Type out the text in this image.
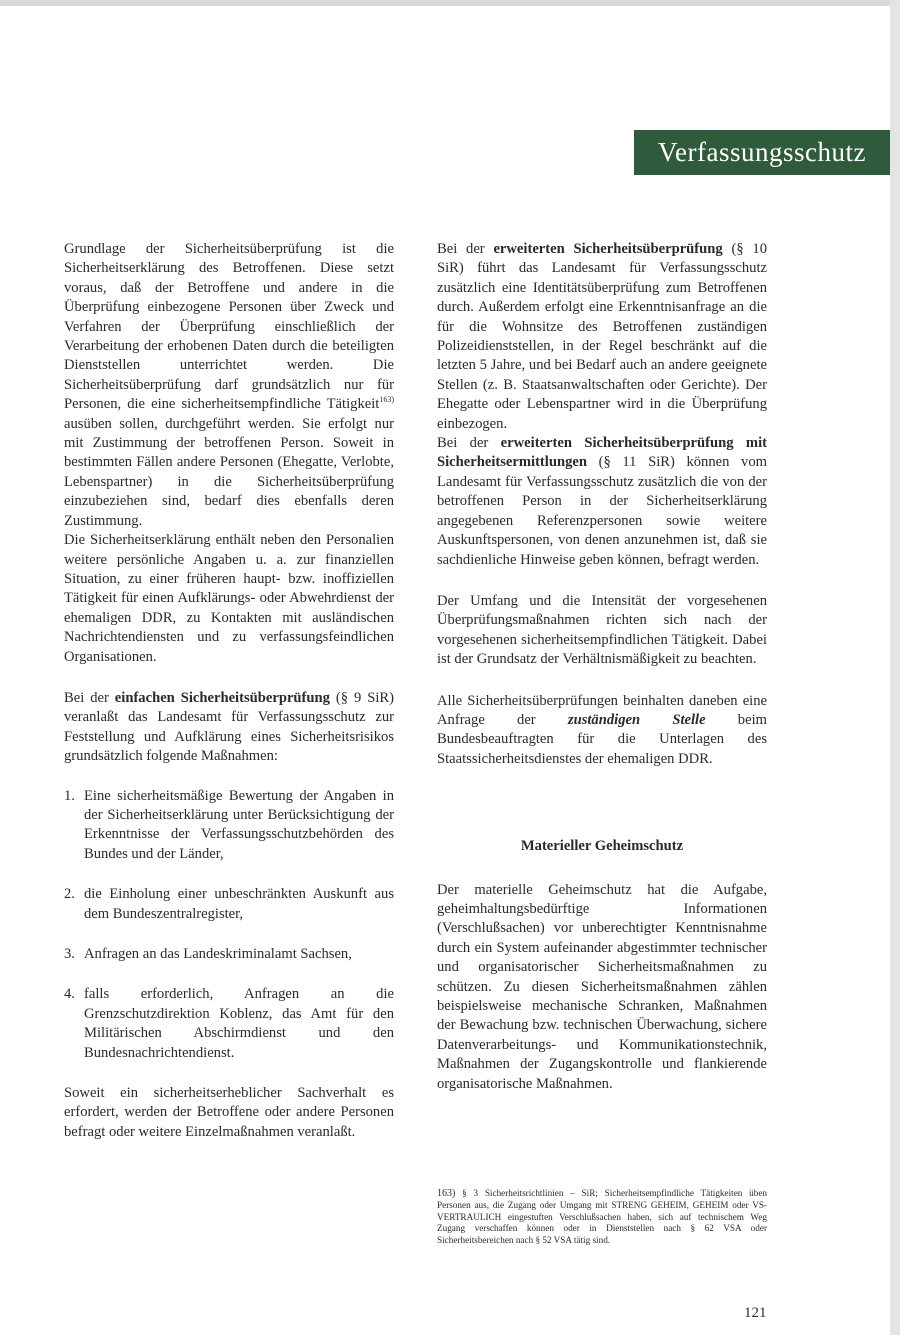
Verfassungsschutz

Grundlage der Sicherheitsüberprüfung ist die Sicherheitserklärung des Betroffenen. Diese setzt voraus, daß der Betroffene und andere in die Überprüfung einbezogene Personen über Zweck und Verfahren der Überprüfung einschließlich der Verarbeitung der erhobenen Daten durch die beteiligten Dienststellen unterrichtet werden. Die Sicherheitsüberprüfung darf grundsätzlich nur für Personen, die eine sicherheitsempfindliche Tätigkeit$^{163)}$ ausüben sollen, durchgeführt werden. Sie erfolgt nur mit Zustimmung der betroffenen Person. Soweit in bestimmten Fällen andere Personen (Ehegatte, Verlobte, Lebenspartner) in die Sicherheitsüberprüfung einzubeziehen sind, bedarf dies ebenfalls deren Zustimmung.

Die Sicherheitserklärung enthält neben den Personalien weitere persönliche Angaben u. a. zur finanziellen Situation, zu einer früheren haupt- bzw. inoffiziellen Tätigkeit für einen Aufklärungs- oder Abwehrdienst der ehemaligen DDR, zu Kontakten mit ausländischen Nachrichtendiensten und zu verfassungsfeindlichen Organisationen.

Bei der einfachen Sicherheitsüberprüfung (§ 9 SiR) veranlaßt das Landesamt für Verfassungsschutz zur Feststellung und Aufklärung eines Sicherheitsrisikos grundsätzlich folgende Maßnahmen:

1. Eine sicherheitsmäßige Bewertung der Angaben in der Sicherheitserklärung unter Berücksichtigung der Erkenntnisse der Verfassungsschutzbehörden des Bundes und der Länder,
2. die Einholung einer unbeschränkten Auskunft aus dem Bundeszentralregister,
3. Anfragen an das Landeskriminalamt Sachsen,
4. falls erforderlich, Anfragen an die Grenzschutzdirektion Koblenz, das Amt für den Militärischen Abschirmdienst und den Bundesnachrichtendienst.

Soweit ein sicherheitserheblicher Sachverhalt es erfordert, werden der Betroffene oder andere Personen befragt oder weitere Einzelmaßnahmen veranlaßt.

Bei der erweiterten Sicherheitsüberprüfung (§ 10 SiR) führt das Landesamt für Verfassungsschutz zusätzlich eine Identitätsüberprüfung zum Betroffenen durch. Außerdem erfolgt eine Erkenntnisanfrage an die für die Wohnsitze des Betroffenen zuständigen Polizeidienststellen, in der Regel beschränkt auf die letzten 5 Jahre, und bei Bedarf auch an andere geeignete Stellen (z. B. Staatsanwaltschaften oder Gerichte). Der Ehegatte oder Lebenspartner wird in die Überprüfung einbezogen.

Bei der erweiterten Sicherheitsüberprüfung mit Sicherheitsermittlungen (§ 11 SiR) können vom Landesamt für Verfassungsschutz zusätzlich die von der betroffenen Person in der Sicherheitserklärung angegebenen Referenzpersonen sowie weitere Auskunftspersonen, von denen anzunehmen ist, daß sie sachdienliche Hinweise geben können, befragt werden.

Der Umfang und die Intensität der vorgesehenen Überprüfungsmaßnahmen richten sich nach der vorgesehenen sicherheitsempfindlichen Tätigkeit. Dabei ist der Grundsatz der Verhältnismäßigkeit zu beachten.

Alle Sicherheitsüberprüfungen beinhalten daneben eine Anfrage der zuständigen Stelle beim Bundesbeauftragten für die Unterlagen des Staatssicherheitsdienstes der ehemaligen DDR.

Materieller Geheimschutz

Der materielle Geheimschutz hat die Aufgabe, geheimhaltungsbedürftige Informationen (Verschlußsachen) vor unberechtigter Kenntnisnahme durch ein System aufeinander abgestimmter technischer und organisatorischer Sicherheitsmaßnahmen zu schützen. Zu diesen Sicherheitsmaßnahmen zählen beispielsweise mechanische Schranken, Maßnahmen der Bewachung bzw. technischen Überwachung, sichere Datenverarbeitungs- und Kommunikationstechnik, Maßnahmen der Zugangskontrolle und flankierende organisatorische Maßnahmen.

163) § 3 Sicherheitsrichtlinien – SiR; Sicherheitsempfindliche Tätigkeiten üben Personen aus, die Zugang oder Umgang mit STRENG GEHEIM, GEHEIM oder VS-VERTRAULICH eingestuften Verschlußsachen haben, sich auf technischem Weg Zugang verschaffen können oder in Dienststellen nach § 62 VSA oder Sicherheitsbereichen nach § 52 VSA tätig sind.
121
